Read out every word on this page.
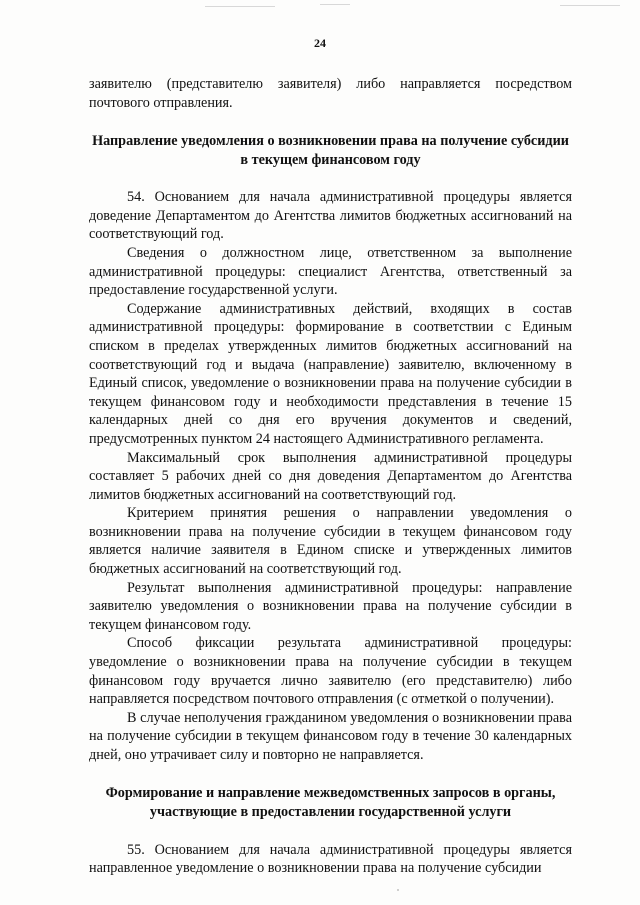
24

заявителю (представителю заявителя) либо направляется посредством почтового отправления.

Направление уведомления о возникновении права на получение субсидии в текущем финансовом году

54. Основанием для начала административной процедуры является доведение Департаментом до Агентства лимитов бюджетных ассигнований на соответствующий год.

Сведения о должностном лице, ответственном за выполнение административной процедуры: специалист Агентства, ответственный за предоставление государственной услуги.

Содержание административных действий, входящих в состав административной процедуры: формирование в соответствии с Единым списком в пределах утвержденных лимитов бюджетных ассигнований на соответствующий год и выдача (направление) заявителю, включенному в Единый список, уведомление о возникновении права на получение субсидии в текущем финансовом году и необходимости представления в течение 15 календарных дней со дня его вручения документов и сведений, предусмотренных пунктом 24 настоящего Административного регламента.

Максимальный срок выполнения административной процедуры составляет 5 рабочих дней со дня доведения Департаментом до Агентства лимитов бюджетных ассигнований на соответствующий год.

Критерием принятия решения о направлении уведомления о возникновении права на получение субсидии в текущем финансовом году является наличие заявителя в Едином списке и утвержденных лимитов бюджетных ассигнований на соответствующий год.

Результат выполнения административной процедуры: направление заявителю уведомления о возникновении права на получение субсидии в текущем финансовом году.

Способ фиксации результата административной процедуры: уведомление о возникновении права на получение субсидии в текущем финансовом году вручается лично заявителю (его представителю) либо направляется посредством почтового отправления (с отметкой о получении).

В случае неполучения гражданином уведомления о возникновении права на получение субсидии в текущем финансовом году в течение 30 календарных дней, оно утрачивает силу и повторно не направляется.

Формирование и направление межведомственных запросов в органы, участвующие в предоставлении государственной услуги

55. Основанием для начала административной процедуры является направленное уведомление о возникновении права на получение субсидии
